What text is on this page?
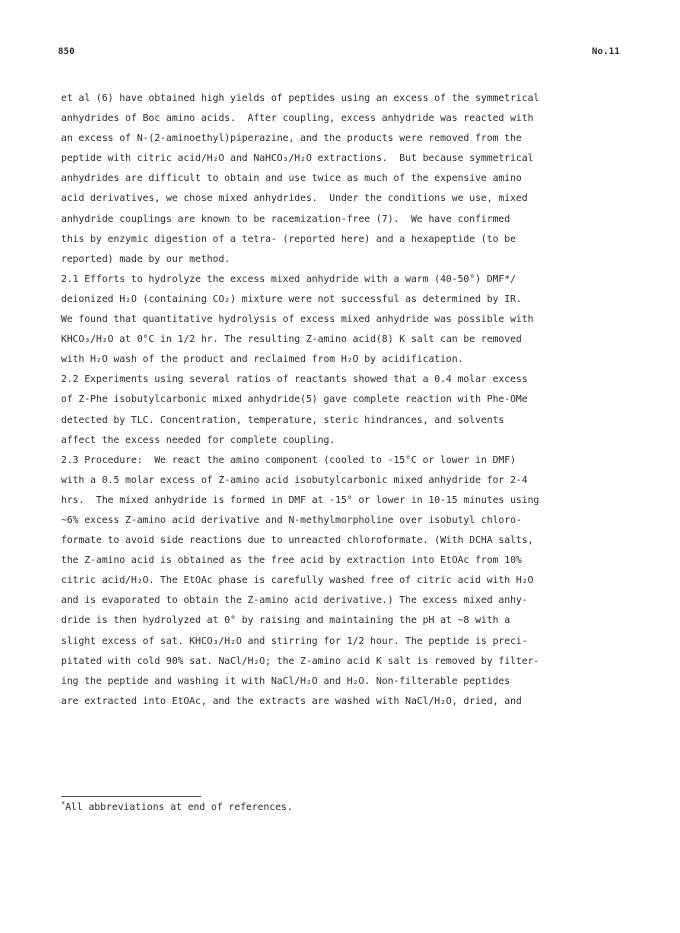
850	No.11
et al (6) have obtained high yields of peptides using an excess of the symmetrical
anhydrides of Boc amino acids.  After coupling, excess anhydride was reacted with
an excess of N-(2-aminoethyl)piperazine, and the products were removed from the
peptide with citric acid/H₂O and NaHCO₃/H₂O extractions.  But because symmetrical
anhydrides are difficult to obtain and use twice as much of the expensive amino
acid derivatives, we chose mixed anhydrides.  Under the conditions we use, mixed
anhydride couplings are known to be racemization-free (7).  We have confirmed
this by enzymic digestion of a tetra- (reported here) and a hexapeptide (to be
reported) made by our method.
2.1 Efforts to hydrolyze the excess mixed anhydride with a warm (40-50°) DMF*/
deionized H₂O (containing CO₂) mixture were not successful as determined by IR.
We found that quantitative hydrolysis of excess mixed anhydride was possible with
KHCO₃/H₂O at 0°C in 1/2 hr. The resulting Z-amino acid(8) K salt can be removed
with H₂O wash of the product and reclaimed from H₂O by acidification.
2.2 Experiments using several ratios of reactants showed that a 0.4 molar excess
of Z-Phe isobutylcarbonic mixed anhydride(5) gave complete reaction with Phe-OMe
detected by TLC. Concentration, temperature, steric hindrances, and solvents
affect the excess needed for complete coupling.
2.3 Procedure:  We react the amino component (cooled to -15°C or lower in DMF)
with a 0.5 molar excess of Z-amino acid isobutylcarbonic mixed anhydride for 2-4
hrs.  The mixed anhydride is formed in DMF at -15° or lower in 10-15 minutes using
~6% excess Z-amino acid derivative and N-methylmorpholine over isobutyl chloro-
formate to avoid side reactions due to unreacted chloroformate. (With DCHA salts,
the Z-amino acid is obtained as the free acid by extraction into EtOAc from 10%
citric acid/H₂O. The EtOAc phase is carefully washed free of citric acid with H₂O
and is evaporated to obtain the Z-amino acid derivative.) The excess mixed anhy-
dride is then hydrolyzed at 0° by raising and maintaining the pH at ~8 with a
slight excess of sat. KHCO₃/H₂O and stirring for 1/2 hour. The peptide is preci-
pitated with cold 90% sat. NaCl/H₂O; the Z-amino acid K salt is removed by filter-
ing the peptide and washing it with NaCl/H₂O and H₂O. Non-filterable peptides
are extracted into EtOAc, and the extracts are washed with NaCl/H₂O, dried, and
*All abbreviations at end of references.
